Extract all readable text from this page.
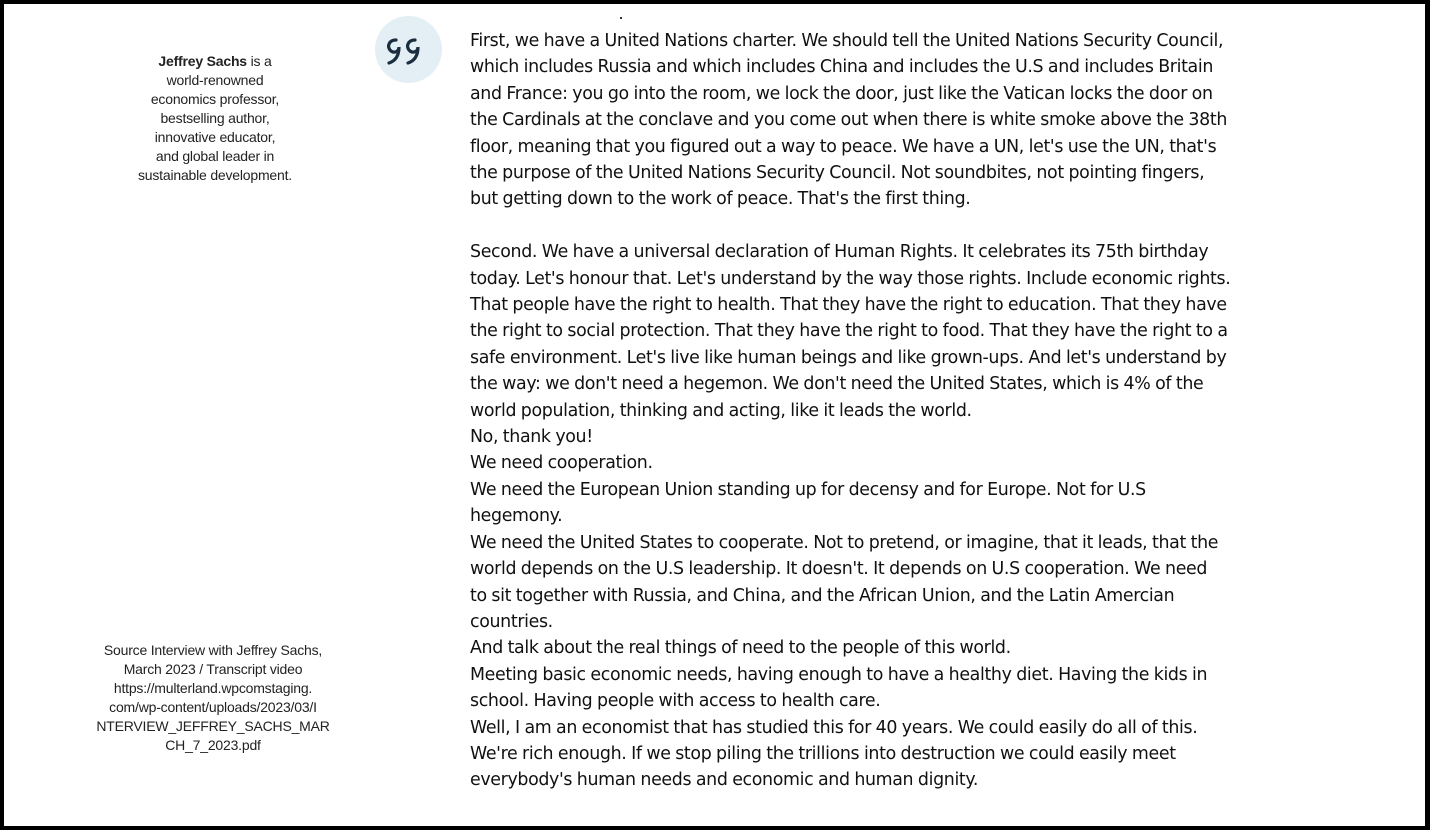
Jeffrey Sachs is a
world-renowned
economics professor,
bestselling author,
innovative educator,
and global leader in
sustainable development.
Source Interview with Jeffrey Sachs,
March 2023 / Transcript video
https://multerland.wpcomstaging.
com/wp-content/uploads/2023/03/I
NTERVIEW_JEFFREY_SACHS_MAR
CH_7_2023.pdf

First, we have a United Nations charter. We should tell the United Nations Security Council,

which includes Russia and which includes China and includes the U.S and includes Britain

and France: you go into the room, we lock the door, just like the Vatican locks the door on

the Cardinals at the conclave and you come out when there is white smoke above the 38th

floor, meaning that you figured out a way to peace. We have a UN, let's use the UN, that's

the purpose of the United Nations Security Council. Not soundbites, not pointing fingers,

but getting down to the work of peace. That's the first thing.

Second. We have a universal declaration of Human Rights. It celebrates its 75th birthday

today. Let's honour that. Let's understand by the way those rights. Include economic rights.

That people have the right to health. That they have the right to education. That they have

the right to social protection. That they have the right to food. That they have the right to a

safe environment. Let's live like human beings and like grown-ups. And let's understand by

the way: we don't need a hegemon. We don't need the United States, which is 4% of the

world population, thinking and acting, like it leads the world.

No, thank you!

We need cooperation.

We need the European Union standing up for decensy and for Europe. Not for U.S

hegemony.

We need the United States to cooperate. Not to pretend, or imagine, that it leads, that the

world depends on the U.S leadership. It doesn't. It depends on U.S cooperation. We need

to sit together with Russia, and China, and the African Union, and the Latin Amercian

countries.

And talk about the real things of need to the people of this world.

Meeting basic economic needs, having enough to have a healthy diet. Having the kids in

school. Having people with access to health care.

Well, I am an economist that has studied this for 40 years. We could easily do all of this.

We're rich enough. If we stop piling the trillions into destruction we could easily meet

everybody's human needs and economic and human dignity.
